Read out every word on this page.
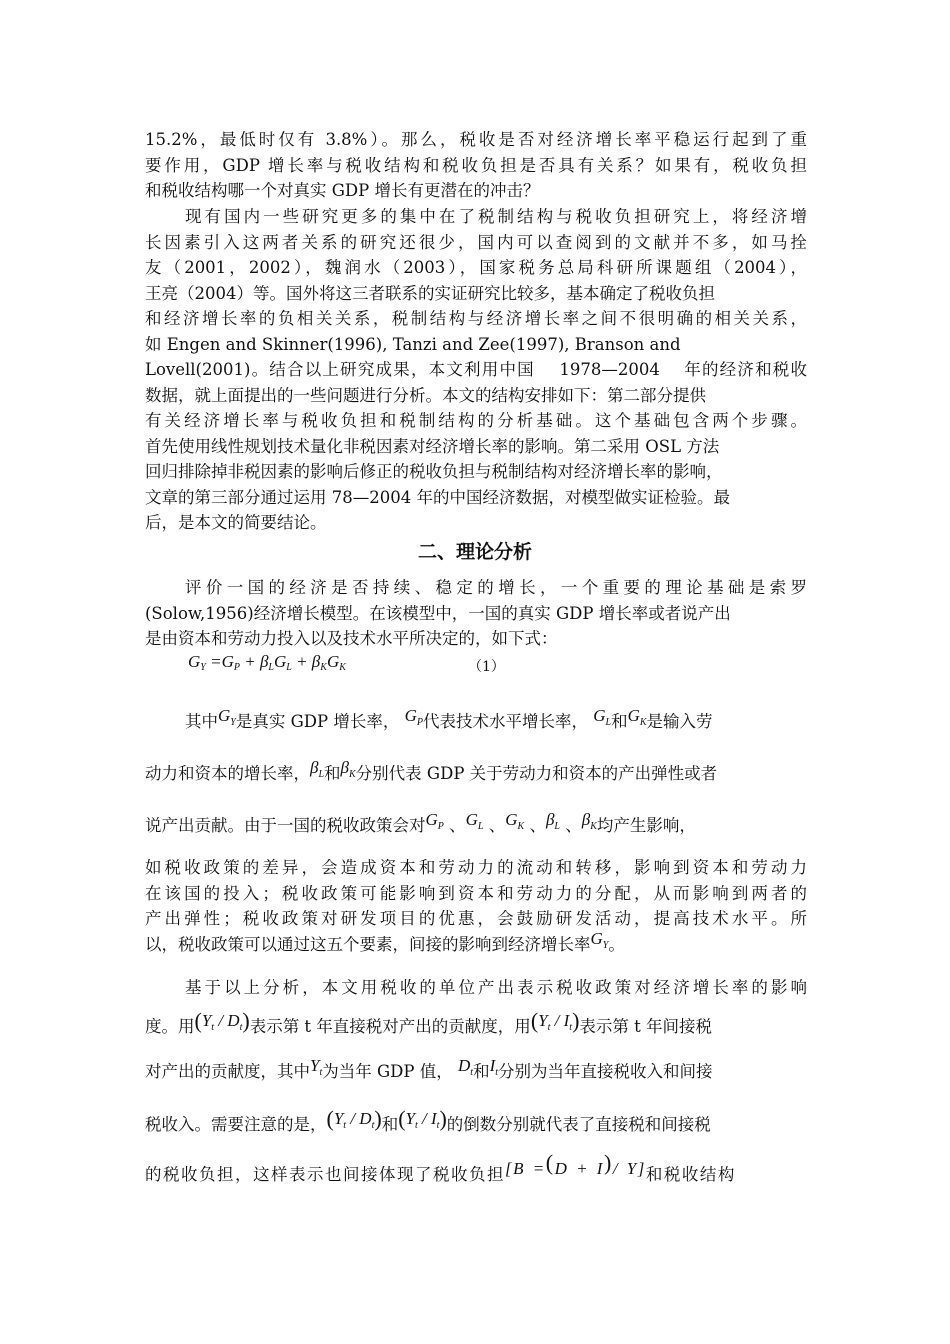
15.2%，最低时仅有 3.8%）。那么，税收是否对经济增长率平稳运行起到了重
要作用，GDP 增长率与税收结构和税收负担是否具有关系？如果有，税收负担
和税收结构哪一个对真实 GDP 增长有更潜在的冲击？
现有国内一些研究更多的集中在了税制结构与税收负担研究上，将经济增
长因素引入这两者关系的研究还很少，国内可以查阅到的文献并不多，如马拴
友（2001，2002），魏润水（2003），国家税务总局科研所课题组（2004），
王亮（2004）等。国外将这三者联系的实证研究比较多，基本确定了税收负担
和经济增长率的负相关关系，税制结构与经济增长率之间不很明确的相关关系，
如 Engen and Skinner(1996), Tanzi and Zee(1997), Branson and
Lovell(2001)。结合以上研究成果，本文利用中国 1978—2004 年的经济和税收
数据，就上面提出的一些问题进行分析。本文的结构安排如下：第二部分提供
有关经济增长率与税收负担和税制结构的分析基础。这个基础包含两个步骤。
首先使用线性规划技术量化非税因素对经济增长率的影响。第二采用 OSL 方法
回归排除掉非税因素的影响后修正的税收负担与税制结构对经济增长率的影响，
文章的第三部分通过运用 78—2004 年的中国经济数据，对模型做实证检验。最
后，是本文的简要结论。
二、理论分析
评价一国的经济是否持续、稳定的增长，一个重要的理论基础是索罗
(Solow,1956)经济增长模型。在该模型中，一国的真实 GDP 增长率或者说产出
是由资本和劳动力投入以及技术水平所决定的，如下式：
$G_Y =G_P + \beta_LG_L + \beta_KG_K$	（1）
其中$G_Y$是真实 GDP 增长率， $G_P$代表技术水平增长率， $G_L$和$G_K$是输入劳
动力和资本的增长率，$\beta_L$和$\beta_K$分别代表 GDP 关于劳动力和资本的产出弹性或者
说产出贡献。由于一国的税收政策会对$G_P$ 、$G_L$ 、$G_K$ 、$\beta_L$ 、$\beta_K$均产生影响，
如税收政策的差异，会造成资本和劳动力的流动和转移，影响到资本和劳动力
在该国的投入；税收政策可能影响到资本和劳动力的分配，从而影响到两者的
产出弹性；税收政策对研发项目的优惠，会鼓励研发活动，提高技术水平。所
以，税收政策可以通过这五个要素，间接的影响到经济增长率$G_Y$。
基于以上分析，本文用税收的单位产出表示税收政策对经济增长率的影响
度。用$(Y_t / D_t)$表示第 t 年直接税对产出的贡献度，用$(Y_t / I_t)$表示第 t 年间接税
对产出的贡献度，其中$Y_t$为当年 GDP 值， $D_t$和$I_t$分别为当年直接税收入和间接
税收入。需要注意的是，$(Y_t / D_t)$和$(Y_t / I_t)$的倒数分别就代表了直接税和间接税
的税收负担，这样表示也间接体现了税收负担[B =(D + I)/ Y]和税收结构
